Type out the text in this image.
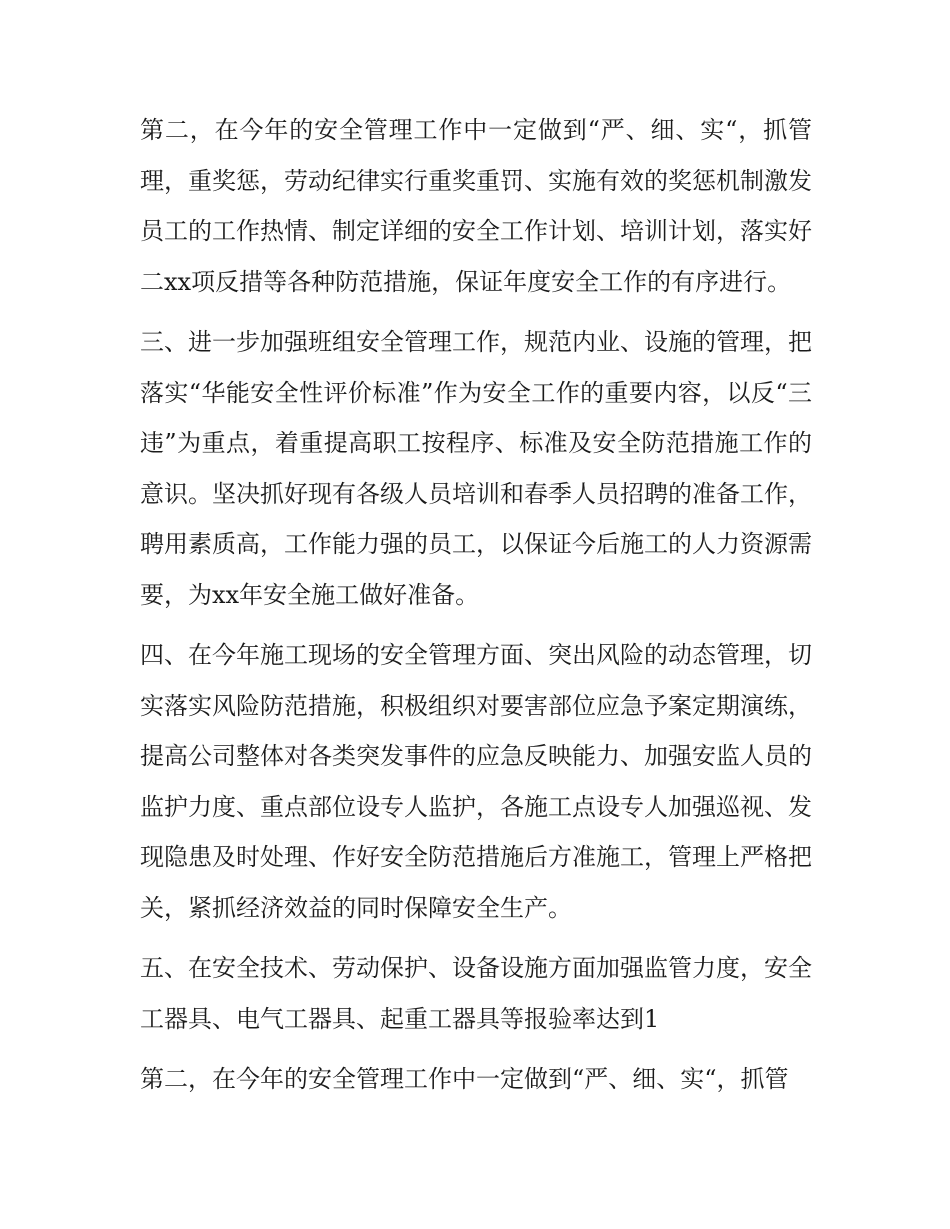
第二，在今年的安全管理工作中一定做到“严、细、实“，抓管理，重奖惩，劳动纪律实行重奖重罚、实施有效的奖惩机制激发员工的工作热情、制定详细的安全工作计划、培训计划，落实好二xx项反措等各种防范措施，保证年度安全工作的有序进行。

三、进一步加强班组安全管理工作，规范内业、设施的管理，把落实“华能安全性评价标准”作为安全工作的重要内容，以反“三违”为重点，着重提高职工按程序、标准及安全防范措施工作的意识。坚决抓好现有各级人员培训和春季人员招聘的准备工作，聘用素质高，工作能力强的员工，以保证今后施工的人力资源需要，为xx年安全施工做好准备。

四、在今年施工现场的安全管理方面、突出风险的动态管理，切实落实风险防范措施，积极组织对要害部位应急予案定期演练，提高公司整体对各类突发事件的应急反映能力、加强安监人员的监护力度、重点部位设专人监护，各施工点设专人加强巡视、发现隐患及时处理、作好安全防范措施后方准施工，管理上严格把关，紧抓经济效益的同时保障安全生产。

五、在安全技术、劳动保护、设备设施方面加强监管力度，安全工器具、电气工器具、起重工器具等报验率达到1

第二，在今年的安全管理工作中一定做到“严、细、实“，抓管
